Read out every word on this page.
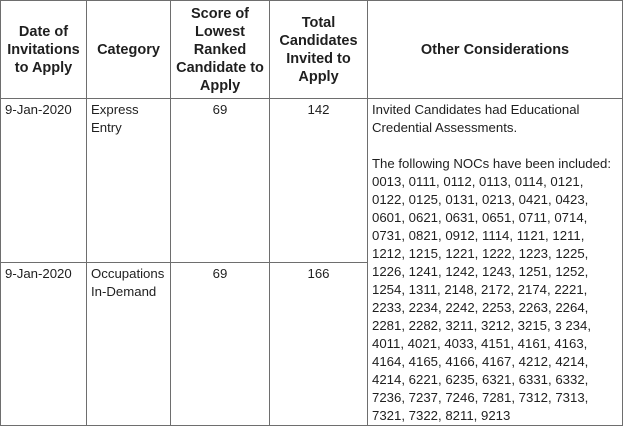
Date of Invitations to Apply	Category	Score of Lowest Ranked Candidate to Apply	Total Candidates Invited to Apply	Other Considerations
9-Jan-2020	Express Entry	69	142	Invited Candidates had Educational Credential Assessments.
The following NOCs have been included: 0013, 0111, 0112, 0113, 0114, 0121, 0122, 0125, 0131, 0213, 0421, 0423, 0601, 0621, 0631, 0651, 0711, 0714, 0731, 0821, 0912, 1114, 1121, 1211, 1212, 1215, 1221, 1222, 1223, 1225, 1226, 1241, 1242, 1243, 1251, 1252, 1254, 1311, 2148, 2172, 2174, 2221, 2233, 2234, 2242, 2253, 2263, 2264, 2281, 2282, 3211, 3212, 3215, 3 234, 4011, 4021, 4033, 4151, 4161, 4163, 4164, 4165, 4166, 4167, 4212, 4214, 4214, 6221, 6235, 6321, 6331, 6332, 7236, 7237, 7246, 7281, 7312, 7313, 7321, 7322, 8211, 9213

9-Jan-2020	Occupations In-Demand	69	166	
